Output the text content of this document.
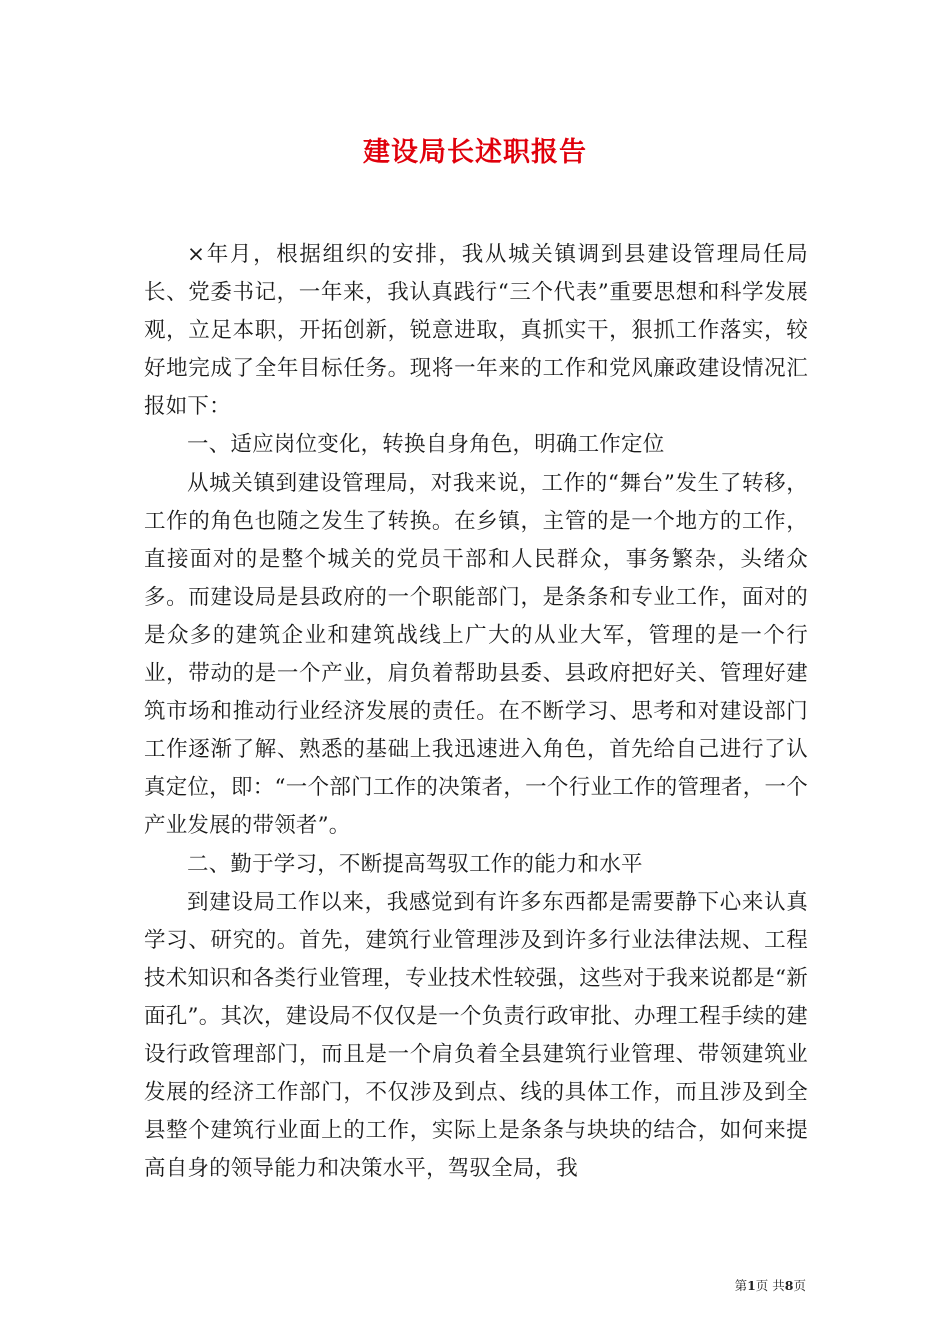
建设局长述职报告

×年月，根据组织的安排，我从城关镇调到县建设管理局任局长、党委书记，一年来，我认真践行“三个代表”重要思想和科学发展观，立足本职，开拓创新，锐意进取，真抓实干，狠抓工作落实，较好地完成了全年目标任务。现将一年来的工作和党风廉政建设情况汇报如下：

一、适应岗位变化，转换自身角色，明确工作定位

从城关镇到建设管理局，对我来说，工作的“舞台”发生了转移，工作的角色也随之发生了转换。在乡镇，主管的是一个地方的工作，直接面对的是整个城关的党员干部和人民群众，事务繁杂，头绪众多。而建设局是县政府的一个职能部门，是条条和专业工作，面对的是众多的建筑企业和建筑战线上广大的从业大军，管理的是一个行业，带动的是一个产业，肩负着帮助县委、县政府把好关、管理好建筑市场和推动行业经济发展的责任。在不断学习、思考和对建设部门工作逐渐了解、熟悉的基础上我迅速进入角色，首先给自己进行了认真定位，即：“一个部门工作的决策者，一个行业工作的管理者，一个产业发展的带领者”。

二、勤于学习，不断提高驾驭工作的能力和水平

到建设局工作以来，我感觉到有许多东西都是需要静下心来认真学习、研究的。首先，建筑行业管理涉及到许多行业法律法规、工程技术知识和各类行业管理，专业技术性较强，这些对于我来说都是“新面孔”。其次，建设局不仅仅是一个负责行政审批、办理工程手续的建设行政管理部门，而且是一个肩负着全县建筑行业管理、带领建筑业发展的经济工作部门，不仅涉及到点、线的具体工作，而且涉及到全县整个建筑行业面上的工作，实际上是条条与块块的结合，如何来提高自身的领导能力和决策水平，驾驭全局，我

第1页 共8页
